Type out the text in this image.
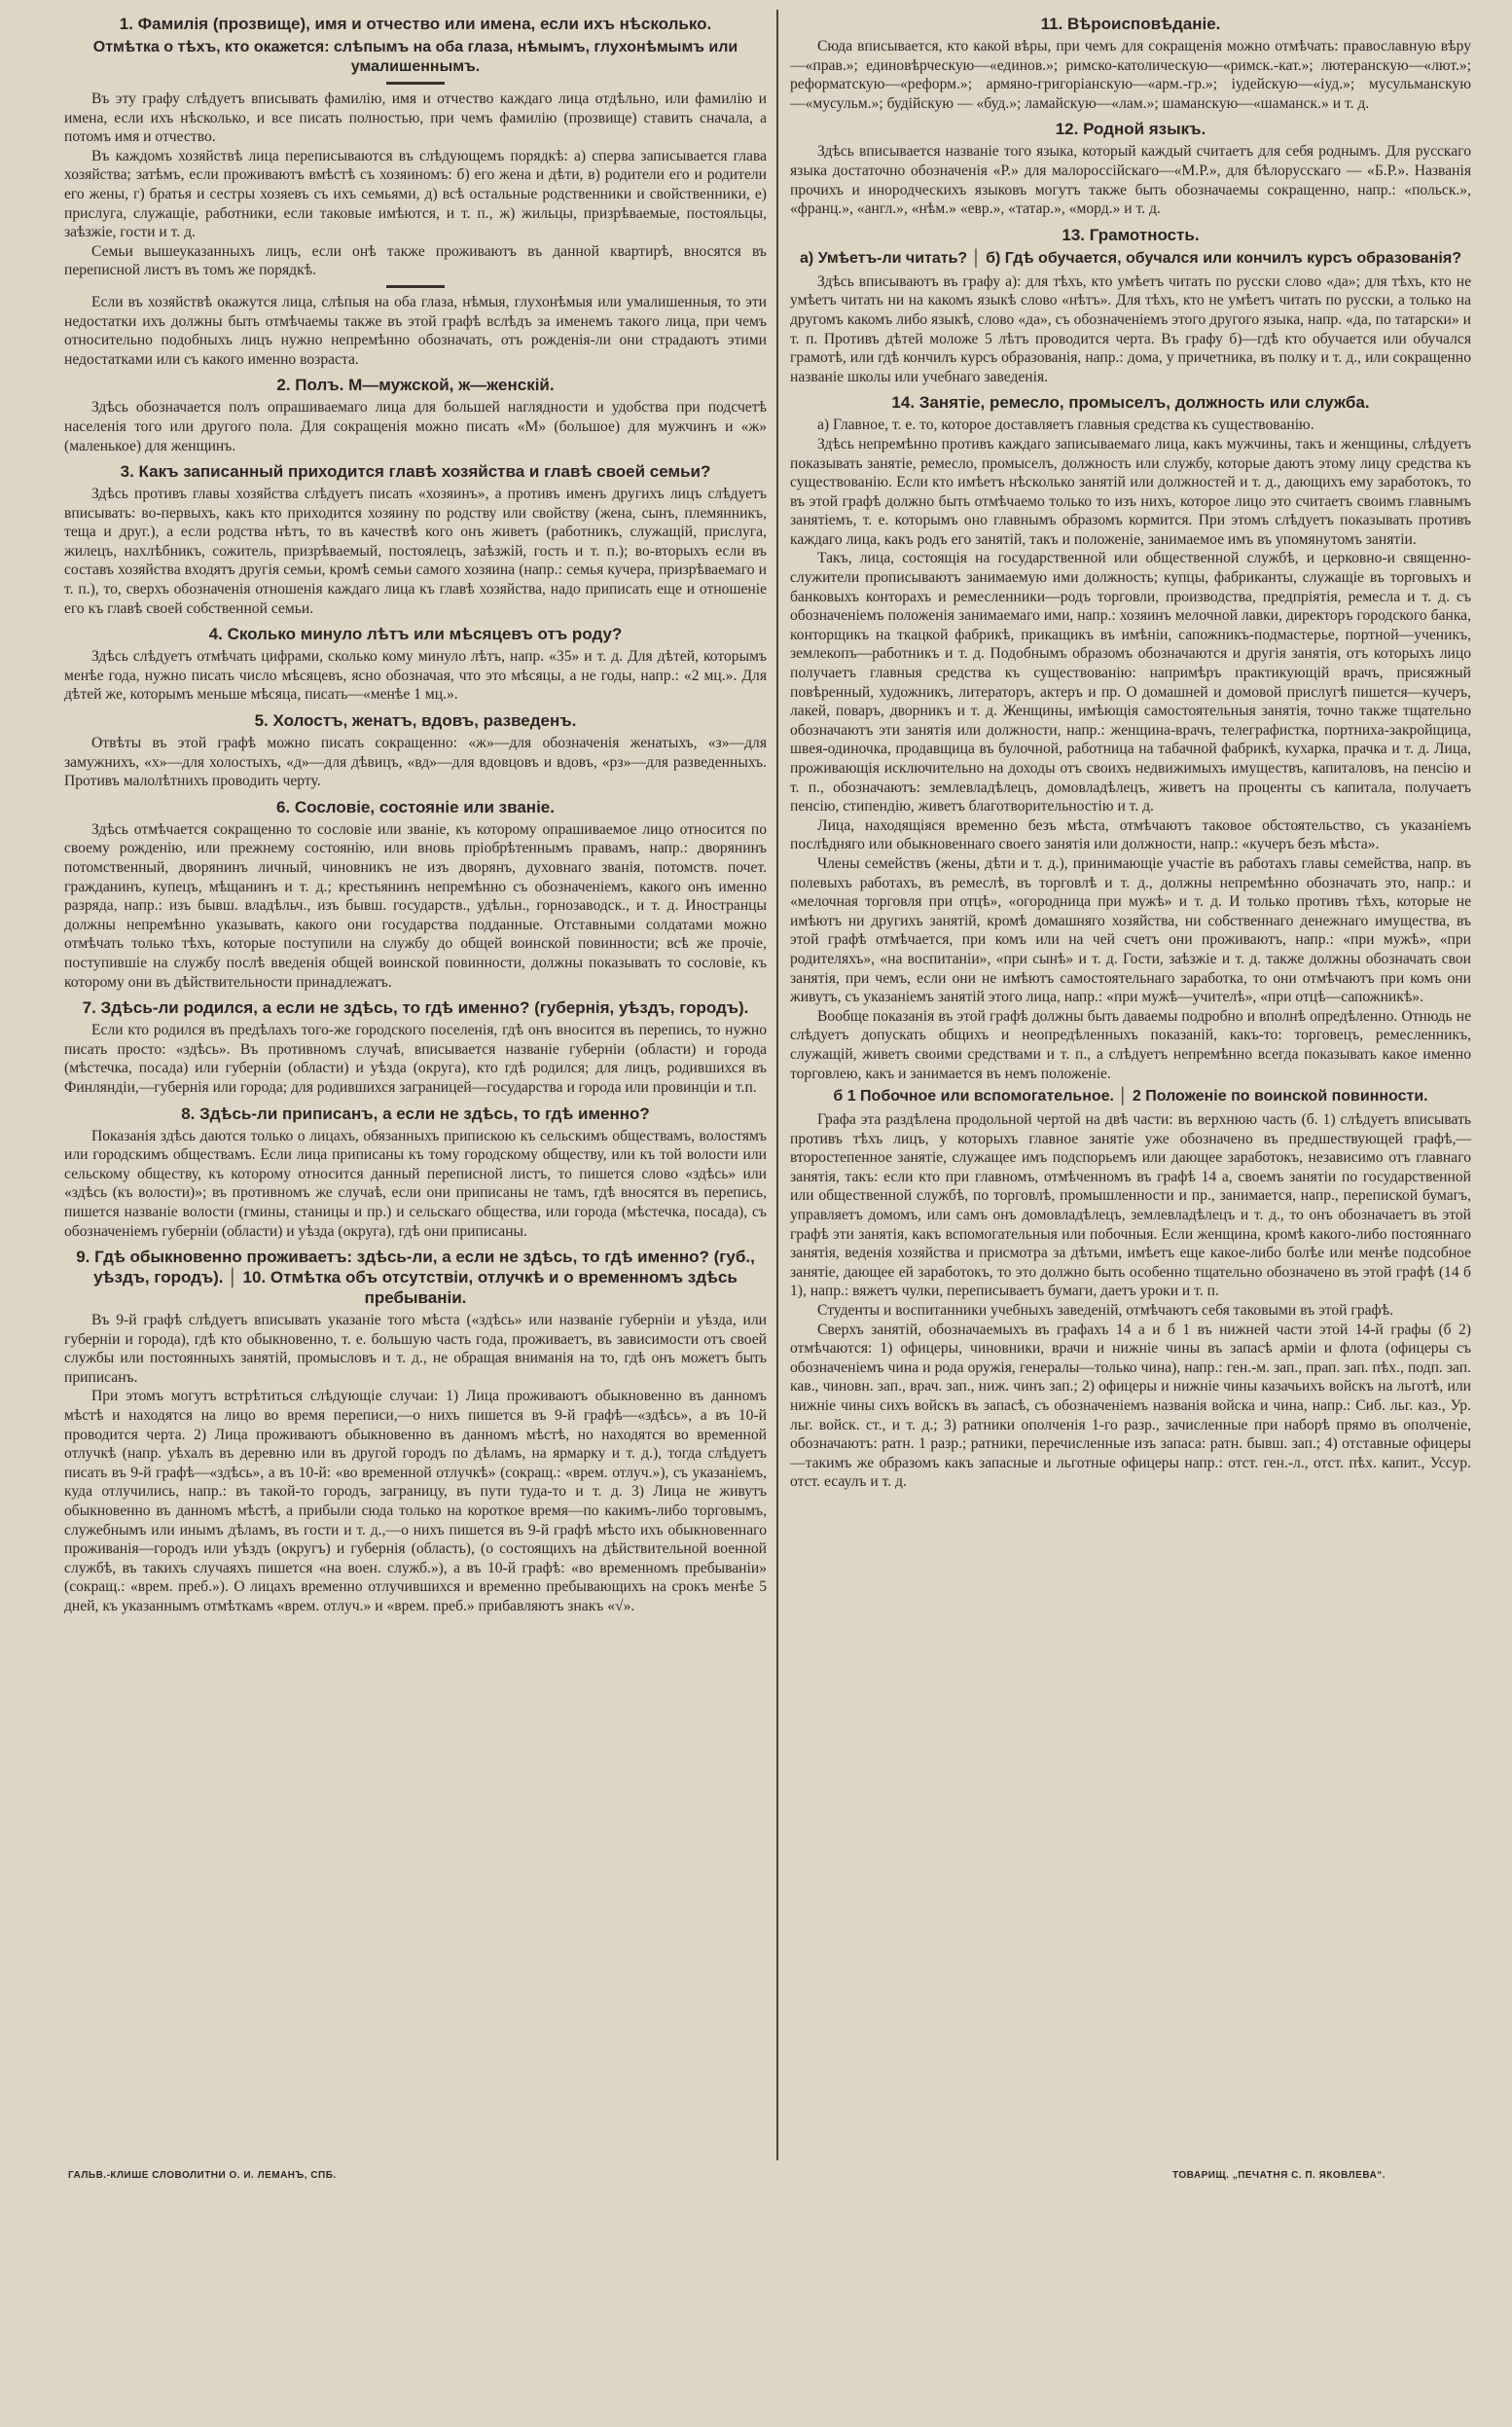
1. Фамилія (прозвище), имя и отчество или имена, если ихъ нѣсколько.
Отмѣтка о тѣхъ, кто окажется: слѣпымъ на оба глаза, нѣмымъ, глухонѣмымъ или умалишеннымъ.

Въ эту графу слѣдуетъ вписывать фамилію, имя и отчество каждаго лица отдѣльно, или фамилію и имена, если ихъ нѣсколько, и все писать полностью, при чемъ фамилію (прозвище) ставить сначала, а потомъ имя и отчество.

Въ каждомъ хозяйствѣ лица переписываются въ слѣдующемъ порядкѣ: а) сперва записывается глава хозяйства; затѣмъ, если проживаютъ вмѣстѣ съ хозяиномъ: б) его жена и дѣти, в) родители его и родители его жены, г) братья и сестры хозяевъ съ ихъ семьями, д) всѣ остальные родственники и свойственники, е) прислуга, служащіе, работники, если таковые имѣются, и т. п., ж) жильцы, призрѣваемые, постояльцы, заѣзжіе, гости и т. д.

Семьи вышеуказанныхъ лицъ, если онѣ также проживаютъ въ данной квартирѣ, вносятся въ переписной листъ въ томъ же порядкѣ.

Если въ хозяйствѣ окажутся лица, слѣпыя на оба глаза, нѣмыя, глухонѣмыя или умалишенныя, то эти недостатки ихъ должны быть отмѣчаемы также въ этой графѣ вслѣдъ за именемъ такого лица, при чемъ относительно подобныхъ лицъ нужно непремѣнно обозначать, отъ рожденія-ли они страдаютъ этими недостатками или съ какого именно возраста.

2. Полъ. М—мужской, ж—женскій.

Здѣсь обозначается полъ опрашиваемаго лица для большей наглядности и удобства при подсчетѣ населенія того или другого пола. Для сокращенія можно писать «М» (большое) для мужчинъ и «ж» (маленькое) для женщинъ.

3. Какъ записанный приходится главѣ хозяйства и главѣ своей семьи?

Здѣсь противъ главы хозяйства слѣдуетъ писать «хозяинъ», а противъ именъ другихъ лицъ слѣдуетъ вписывать: во-первыхъ, какъ кто приходится хозяину по родству или свойству (жена, сынъ, племянникъ, теща и друг.), а если родства нѣтъ, то въ качествѣ кого онъ живетъ (работникъ, служащій, прислуга, жилецъ, нахлѣбникъ, сожитель, призрѣваемый, постоялецъ, заѣзжій, гость и т. п.); во-вторыхъ если въ составъ хозяйства входятъ другія семьи, кромѣ семьи самого хозяина (напр.: семья кучера, призрѣваемаго и т. п.), то, сверхъ обозначенія отношенія каждаго лица къ главѣ хозяйства, надо приписать еще и отношеніе его къ главѣ своей собственной семьи.

4. Сколько минуло лѣтъ или мѣсяцевъ отъ роду?

Здѣсь слѣдуетъ отмѣчать цифрами, сколько кому минуло лѣтъ, напр. «35» и т. д. Для дѣтей, которымъ менѣе года, нужно писать число мѣсяцевъ, ясно обозначая, что это мѣсяцы, а не годы, напр.: «2 мц.». Для дѣтей же, которымъ меньше мѣсяца, писать—«менѣе 1 мц.».

5. Холостъ, женатъ, вдовъ, разведенъ.

Отвѣты въ этой графѣ можно писать сокращенно: «ж»—для обозначенія женатыхъ, «з»—для замужнихъ, «х»—для холостыхъ, «д»—для дѣвицъ, «вд»—для вдовцовъ и вдовъ, «рз»—для разведенныхъ. Противъ малолѣтнихъ проводить черту.

6. Сословіе, состояніе или званіе.

Здѣсь отмѣчается сокращенно то сословіе или званіе, къ которому опрашиваемое лицо относится по своему рожденію, или прежнему состоянію, или вновь пріобрѣтеннымъ правамъ, напр.: дворянинъ потомственный, дворянинъ личный, чиновникъ не изъ дворянъ, духовнаго званія, потомств. почет. гражданинъ, купецъ, мѣщанинъ и т. д.; крестьянинъ непремѣнно съ обозначеніемъ, какого онъ именно разряда, напр.: изъ бывш. владѣльч., изъ бывш. государств., удѣльн., горнозаводск., и т. д. Иностранцы должны непремѣнно указывать, какого они государства подданные. Отставными солдатами можно отмѣчать только тѣхъ, которые поступили на службу до общей воинской повинности; всѣ же прочіе, поступившіе на службу послѣ введенія общей воинской повинности, должны показывать то сословіе, къ которому они въ дѣйствительности принадлежатъ.

7. Здѣсь-ли родился, а если не здѣсь, то гдѣ именно? (губернія, уѣздъ, городъ).

Если кто родился въ предѣлахъ того-же городского поселенія, гдѣ онъ вносится въ перепись, то нужно писать просто: «здѣсь». Въ противномъ случаѣ, вписывается названіе губерніи (области) и города (мѣстечка, посада) или губерніи (области) и уѣзда (округа), кто гдѣ родился; для лицъ, родившихся въ Финляндіи,—губернія или города; для родившихся заграницей—государства и города или провинціи и т.п.

8. Здѣсь-ли приписанъ, а если не здѣсь, то гдѣ именно?

Показанія здѣсь даются только о лицахъ, обязанныхъ припискою къ сельскимъ обществамъ, волостямъ или городскимъ обществамъ. Если лица приписаны къ тому городскому обществу, или къ той волости или сельскому обществу, къ которому относится данный переписной листъ, то пишется слово «здѣсь» или «здѣсь (къ волости)»; въ противномъ же случаѣ, если они приписаны не тамъ, гдѣ вносятся въ перепись, пишется названіе волости (гмины, станицы и пр.) и сельскаго общества, или города (мѣстечка, посада), съ обозначеніемъ губерніи (области) и уѣзда (округа), гдѣ они приписаны.

9. Гдѣ обыкновенно проживаетъ: здѣсь-ли, а если не здѣсь, то гдѣ именно? (губ., уѣздъ, городъ). │ 10. Отмѣтка объ отсутствіи, отлучкѣ и о временномъ здѣсь пребываніи.

Въ 9-й графѣ слѣдуетъ вписывать указаніе того мѣста («здѣсь» или названіе губерніи и уѣзда, или губерніи и города), гдѣ кто обыкновенно, т. е. большую часть года, проживаетъ, въ зависимости отъ своей службы или постоянныхъ занятій, промысловъ и т. д., не обращая вниманія на то, гдѣ онъ можетъ быть приписанъ.

При этомъ могутъ встрѣтиться слѣдующіе случаи: 1) Лица проживаютъ обыкновенно въ данномъ мѣстѣ и находятся на лицо во время переписи,—о нихъ пишется въ 9-й графѣ—«здѣсь», а въ 10-й проводится черта. 2) Лица проживаютъ обыкновенно въ данномъ мѣстѣ, но находятся во временной отлучкѣ (напр. уѣхалъ въ деревню или въ другой городъ по дѣламъ, на ярмарку и т. д.), тогда слѣдуетъ писать въ 9-й графѣ—«здѣсь», а въ 10-й: «во временной отлучкѣ» (сокращ.: «врем. отлуч.»), съ указаніемъ, куда отлучились, напр.: въ такой-то городъ, заграницу, въ пути туда-то и т. д. 3) Лица не живутъ обыкновенно въ данномъ мѣстѣ, а прибыли сюда только на короткое время—по какимъ-либо торговымъ, служебнымъ или инымъ дѣламъ, въ гости и т. д.,—о нихъ пишется въ 9-й графѣ мѣсто ихъ обыкновеннаго проживанія—городъ или уѣздъ (округъ) и губернія (область), (о состоящихъ на дѣйствительной военной службѣ, въ такихъ случаяхъ пишется «на воен. служб.»), а въ 10-й графѣ: «во временномъ пребываніи» (сокращ.: «врем. преб.»). О лицахъ временно отлучившихся и временно пребывающихъ на срокъ менѣе 5 дней, къ указаннымъ отмѣткамъ «врем. отлуч.» и «врем. преб.» прибавляютъ знакъ «√».

11. Вѣроисповѣданіе.

Сюда вписывается, кто какой вѣры, при чемъ для сокращенія можно отмѣчать: православную вѣру—«прав.»; единовѣрческую—«единов.»; римско-католическую—«римск.-кат.»; лютеранскую—«лют.»; реформатскую—«реформ.»; армяно-григоріанскую—«арм.-гр.»; іудейскую—«іуд.»; мусульманскую—«мусульм.»; будійскую — «буд.»; ламайскую—«лам.»; шаманскую—«шаманск.» и т. д.

12. Родной языкъ.

Здѣсь вписывается названіе того языка, который каждый считаетъ для себя роднымъ. Для русскаго языка достаточно обозначенія «Р.» для малороссійскаго—«М.Р.», для бѣлорусскаго — «Б.Р.». Названія прочихъ и инородческихъ языковъ могутъ также быть обозначаемы сокращенно, напр.: «польск.», «франц.», «англ.», «нѣм.» «евр.», «татар.», «морд.» и т. д.

13. Грамотность.
а) Умѣетъ-ли читать? │ б) Гдѣ обучается, обучался или кончилъ курсъ образованія?

Здѣсь вписываютъ въ графу а): для тѣхъ, кто умѣетъ читать по русски слово «да»; для тѣхъ, кто не умѣетъ читать ни на какомъ языкѣ слово «нѣтъ». Для тѣхъ, кто не умѣетъ читать по русски, а только на другомъ какомъ либо языкѣ, слово «да», съ обозначеніемъ этого другого языка, напр. «да, по татарски» и т. п. Противъ дѣтей моложе 5 лѣтъ проводится черта. Въ графу б)—гдѣ кто обучается или обучался грамотѣ, или гдѣ кончилъ курсъ образованія, напр.: дома, у причетника, въ полку и т. д., или сокращенно названіе школы или учебнаго заведенія.

14. Занятіе, ремесло, промыселъ, должность или служба.

а) Главное, т. е. то, которое доставляетъ главныя средства къ существованію.

Здѣсь непремѣнно противъ каждаго записываемаго лица, какъ мужчины, такъ и женщины, слѣдуетъ показывать занятіе, ремесло, промыселъ, должность или службу, которые даютъ этому лицу средства къ существованію. Если кто имѣетъ нѣсколько занятій или должностей и т. д., дающихъ ему заработокъ, то въ этой графѣ должно быть отмѣчаемо только то изъ нихъ, которое лицо это считаетъ своимъ главнымъ занятіемъ, т. е. которымъ оно главнымъ образомъ кормится. При этомъ слѣдуетъ показывать противъ каждаго лица, какъ родъ его занятій, такъ и положеніе, занимаемое имъ въ упомянутомъ занятіи.

Такъ, лица, состоящія на государственной или общественной службѣ, и церковно-и священно-служители прописываютъ занимаемую ими должность; купцы, фабриканты, служащіе въ торговыхъ и банковыхъ конторахъ и ремесленники—родъ торговли, производства, предпріятія, ремесла и т. д. съ обозначеніемъ положенія занимаемаго ими, напр.: хозяинъ мелочной лавки, директоръ городского банка, конторщикъ на ткацкой фабрикѣ, прикащикъ въ имѣніи, сапожникъ-подмастерье, портной—ученикъ, землекопъ—работникъ и т. д. Подобнымъ образомъ обозначаются и другія занятія, отъ которыхъ лицо получаетъ главныя средства къ существованію: напримѣръ практикующій врачъ, присяжный повѣренный, художникъ, литераторъ, актеръ и пр. О домашней и домовой прислугѣ пишется—кучеръ, лакей, поваръ, дворникъ и т. д. Женщины, имѣющія самостоятельныя занятія, точно также тщательно обозначаютъ эти занятія или должности, напр.: женщина-врачъ, телеграфистка, портниха-закройщица, швея-одиночка, продавщица въ булочной, работница на табачной фабрикѣ, кухарка, прачка и т. д. Лица, проживающія исключительно на доходы отъ своихъ недвижимыхъ имуществъ, капиталовъ, на пенсію и т. п., обозначаютъ: землевладѣлецъ, домовладѣлецъ, живетъ на проценты съ капитала, получаетъ пенсію, стипендію, живетъ благотворительностію и т. д.

Лица, находящіяся временно безъ мѣста, отмѣчаютъ таковое обстоятельство, съ указаніемъ послѣдняго или обыкновеннаго своего занятія или должности, напр.: «кучеръ безъ мѣста».

Члены семействъ (жены, дѣти и т. д.), принимающіе участіе въ работахъ главы семейства, напр. въ полевыхъ работахъ, въ ремеслѣ, въ торговлѣ и т. д., должны непремѣнно обозначать это, напр.: и «мелочная торговля при отцѣ», «огородница при мужѣ» и т. д. И только противъ тѣхъ, которые не имѣютъ ни другихъ занятій, кромѣ домашняго хозяйства, ни собственнаго денежнаго имущества, въ этой графѣ отмѣчается, при комъ или на чей счетъ они проживаютъ, напр.: «при мужѣ», «при родителяхъ», «на воспитаніи», «при сынѣ» и т. д. Гости, заѣзжіе и т. д. также должны обозначать свои занятія, при чемъ, если они не имѣютъ самостоятельнаго заработка, то они отмѣчаютъ при комъ они живутъ, съ указаніемъ занятій этого лица, напр.: «при мужѣ—учителѣ», «при отцѣ—сапожникѣ».

Вообще показанія въ этой графѣ должны быть даваемы подробно и вполнѣ опредѣленно. Отнюдь не слѣдуетъ допускать общихъ и неопредѣленныхъ показаній, какъ-то: торговецъ, ремесленникъ, служащій, живетъ своими средствами и т. п., а слѣдуетъ непремѣнно всегда показывать какое именно торговлею, какъ и занимается въ немъ положеніе.

б 1 Побочное или вспомогательное. │ 2 Положеніе по воинской повинности.

Графа эта раздѣлена продольной чертой на двѣ части: въ верхнюю часть (б. 1) слѣдуетъ вписывать противъ тѣхъ лицъ, у которыхъ главное занятіе уже обозначено въ предшествующей графѣ,—второстепенное занятіе, служащее имъ подспорьемъ или дающее заработокъ, независимо отъ главнаго занятія, такъ: если кто при главномъ, отмѣченномъ въ графѣ 14 а, своемъ занятіи по государственной или общественной службѣ, по торговлѣ, промышленности и пр., занимается, напр., перепиской бумагъ, управляетъ домомъ, или самъ онъ домовладѣлецъ, землевладѣлецъ и т. д., то онъ обозначаетъ въ этой графѣ эти занятія, какъ вспомогательныя или побочныя. Если женщина, кромѣ какого-либо постояннаго занятія, веденія хозяйства и присмотра за дѣтьми, имѣетъ еще какое-либо болѣе или менѣе подсобное занятіе, дающее ей заработокъ, то это должно быть особенно тщательно обозначено въ этой графѣ (14 б 1), напр.: вяжетъ чулки, переписываетъ бумаги, даетъ уроки и т. п.

Студенты и воспитанники учебныхъ заведеній, отмѣчаютъ себя таковыми въ этой графѣ.

Сверхъ занятій, обозначаемыхъ въ графахъ 14 а и б 1 въ нижней части этой 14-й графы (б 2) отмѣчаются: 1) офицеры, чиновники, врачи и нижніе чины въ запасѣ арміи и флота (офицеры съ обозначеніемъ чина и рода оружія, генералы—только чина), напр.: ген.-м. зап., прап. зап. пѣх., подп. зап. кав., чиновн. зап., врач. зап., ниж. чинъ зап.; 2) офицеры и нижніе чины казачьихъ войскъ на льготѣ, или нижніе чины сихъ войскъ въ запасѣ, съ обозначеніемъ названія войска и чина, напр.: Сиб. льг. каз., Ур. льг. войск. ст., и т. д.; 3) ратники ополченія 1-го разр., зачисленные при наборѣ прямо въ ополченіе, обозначаютъ: ратн. 1 разр.; ратники, перечисленные изъ запаса: ратн. бывш. зап.; 4) отставные офицеры—такимъ же образомъ какъ запасные и льготные офицеры напр.: отст. ген.-л., отст. пѣх. капит., Уссур. отст. есаулъ и т. д.

ГАЛЬВ.-КЛИШЕ СЛОВОЛИТНИ О. И. ЛЕМАНЪ, СПБ.	ТОВАРИЩ. „ПЕЧАТНЯ С. П. ЯКОВЛЕВА“.
